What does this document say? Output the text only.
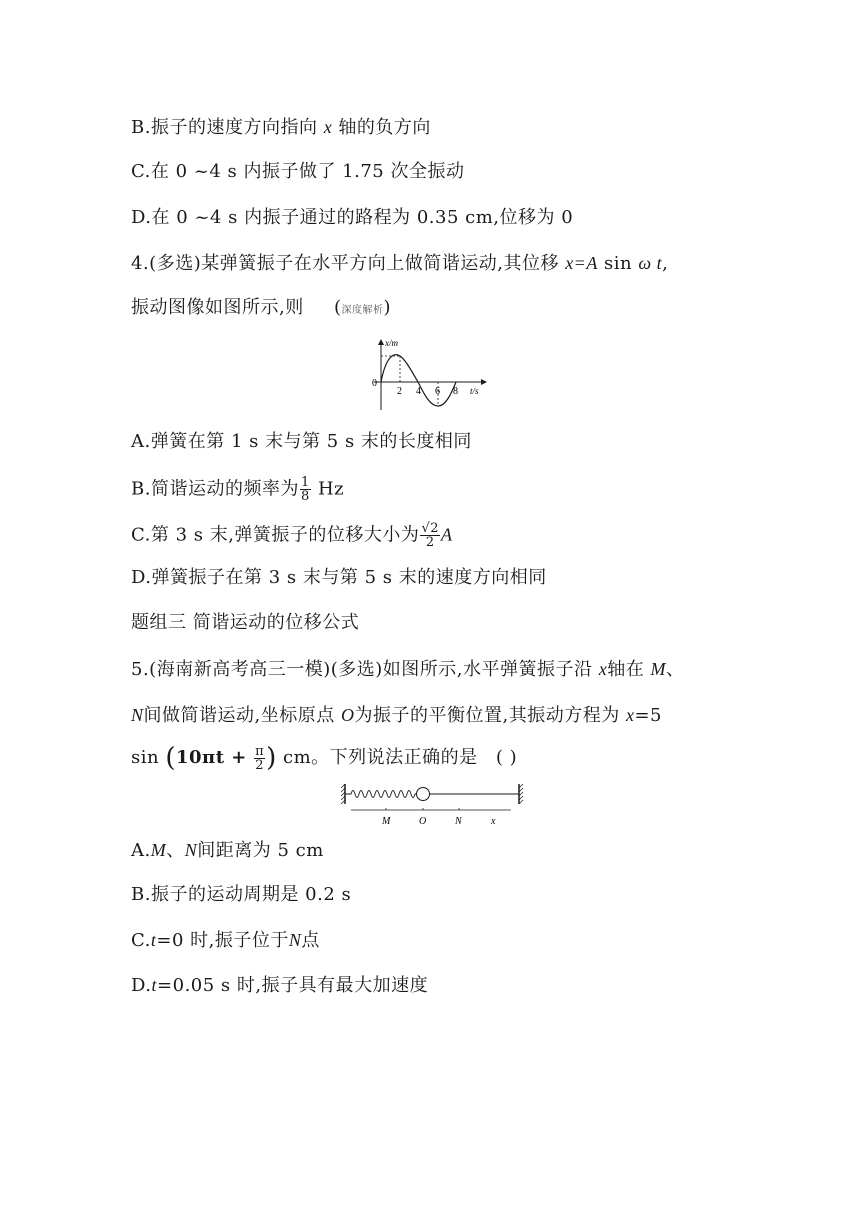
B.振子的速度方向指向 x 轴的负方向
C.在 0 ~4 s 内振子做了 1.75 次全振动
D.在 0 ~4 s 内振子通过的路程为 0.35 cm,位移为 0
4.(多选)某弹簧振子在水平方向上做简谐运动,其位移 x=A sin ω t,
振动图像如图所示,则 (深度解析)
x/m
0
2 4 6 8 t/s
A.弹簧在第 1 s 末与第 5 s 末的长度相同
B.简谐运动的频率为 $\frac{1}{8}$ Hz
C.第 3 s 末,弹簧振子的位移大小为 $\frac{√2}{2}$ A
D.弹簧振子在第 3 s 末与第 5 s 末的速度方向相同
题组三 简谐运动的位移公式
5.(海南新高考高三一模)(多选)如图所示,水平弹簧振子沿 x轴在 M、
N间做简谐运动,坐标原点 O为振子的平衡位置,其振动方程为 x=5
$\sin (10\pi t + \frac{\pi}{2}$ ) cm。下列说法正确的是 ( )
M	O	N	x
A.M、N间距离为 5 cm
B.振子的运动周期是 0.2 s
C.t=0 时,振子位于N点
D.t=0.05 s 时,振子具有最大加速度
